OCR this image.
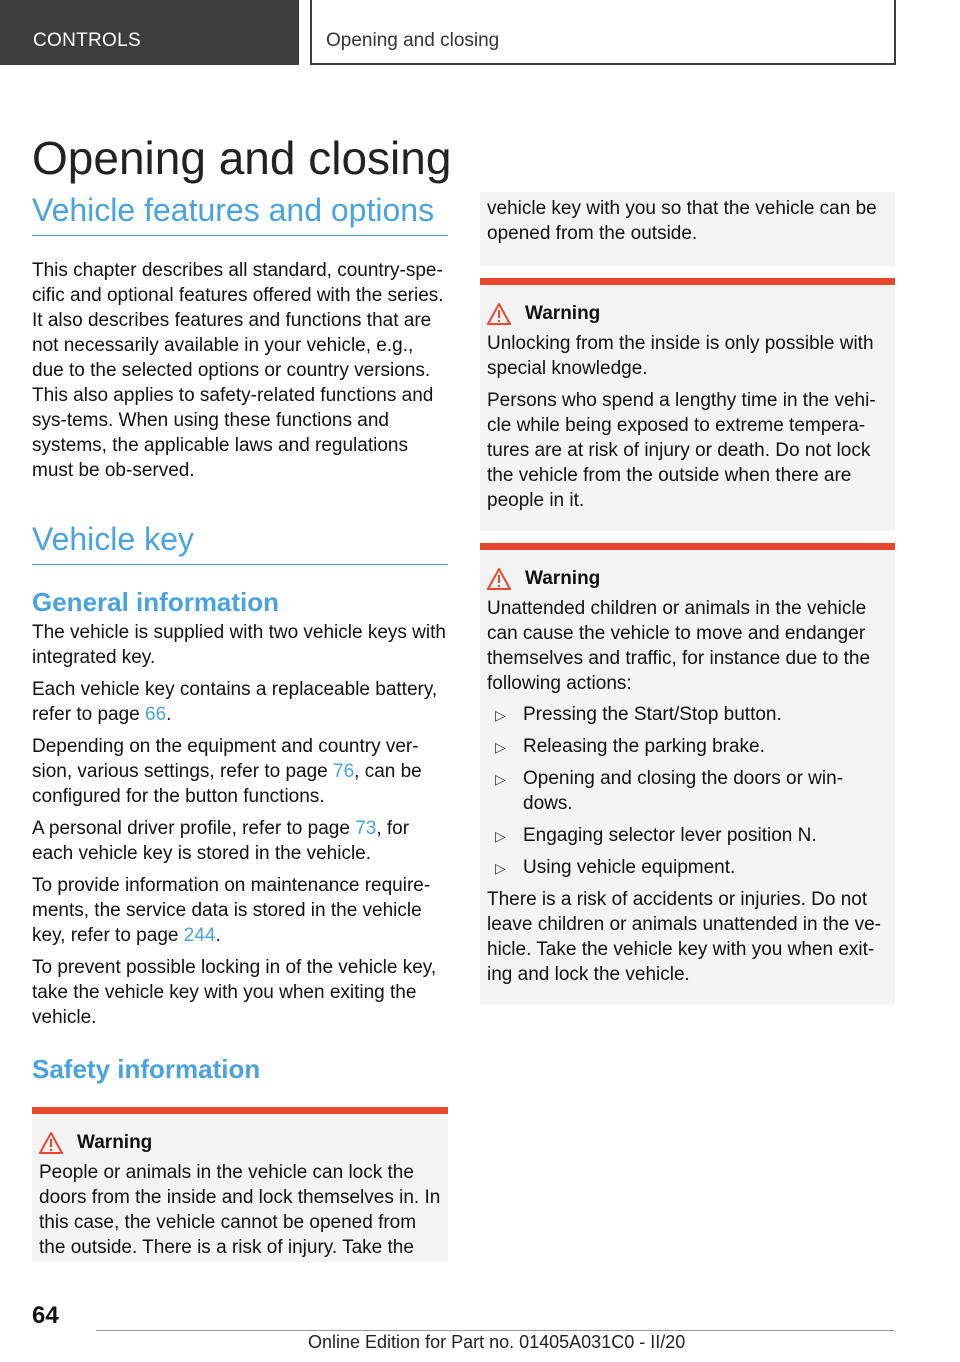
CONTROLS	Opening and closing
Opening and closing
Vehicle features and options

This chapter describes all standard, country-spe-cific and optional features offered with the series. It also describes features and functions that are not necessarily available in your vehicle, e.g., due to the selected options or country versions. This also applies to safety-related functions and sys-tems. When using these functions and systems, the applicable laws and regulations must be ob-served.

Vehicle key
General information

The vehicle is supplied with two vehicle keys with integrated key.

Each vehicle key contains a replaceable battery, refer to page 66.

Depending on the equipment and country ver-sion, various settings, refer to page 76, can be configured for the button functions.

A personal driver profile, refer to page 73, for each vehicle key is stored in the vehicle.

To provide information on maintenance require-ments, the service data is stored in the vehicle key, refer to page 244.

To prevent possible locking in of the vehicle key, take the vehicle key with you when exiting the vehicle.

Safety information
Warning

People or animals in the vehicle can lock the doors from the inside and lock themselves in. In this case, the vehicle cannot be opened from the outside. There is a risk of injury. Take the

vehicle key with you so that the vehicle can be opened from the outside.

Warning

Unlocking from the inside is only possible with special knowledge.

Persons who spend a lengthy time in the vehi-cle while being exposed to extreme tempera-tures are at risk of injury or death. Do not lock the vehicle from the outside when there are people in it.

Warning

Unattended children or animals in the vehicle can cause the vehicle to move and endanger themselves and traffic, for instance due to the following actions:

▷ Pressing the Start/Stop button.
▷ Releasing the parking brake.
▷ Opening and closing the doors or win-dows.
▷ Engaging selector lever position N.
▷ Using vehicle equipment.

There is a risk of accidents or injuries. Do not leave children or animals unattended in the ve-hicle. Take the vehicle key with you when exit-ing and lock the vehicle.

64
Online Edition for Part no. 01405A031C0 - II/20
